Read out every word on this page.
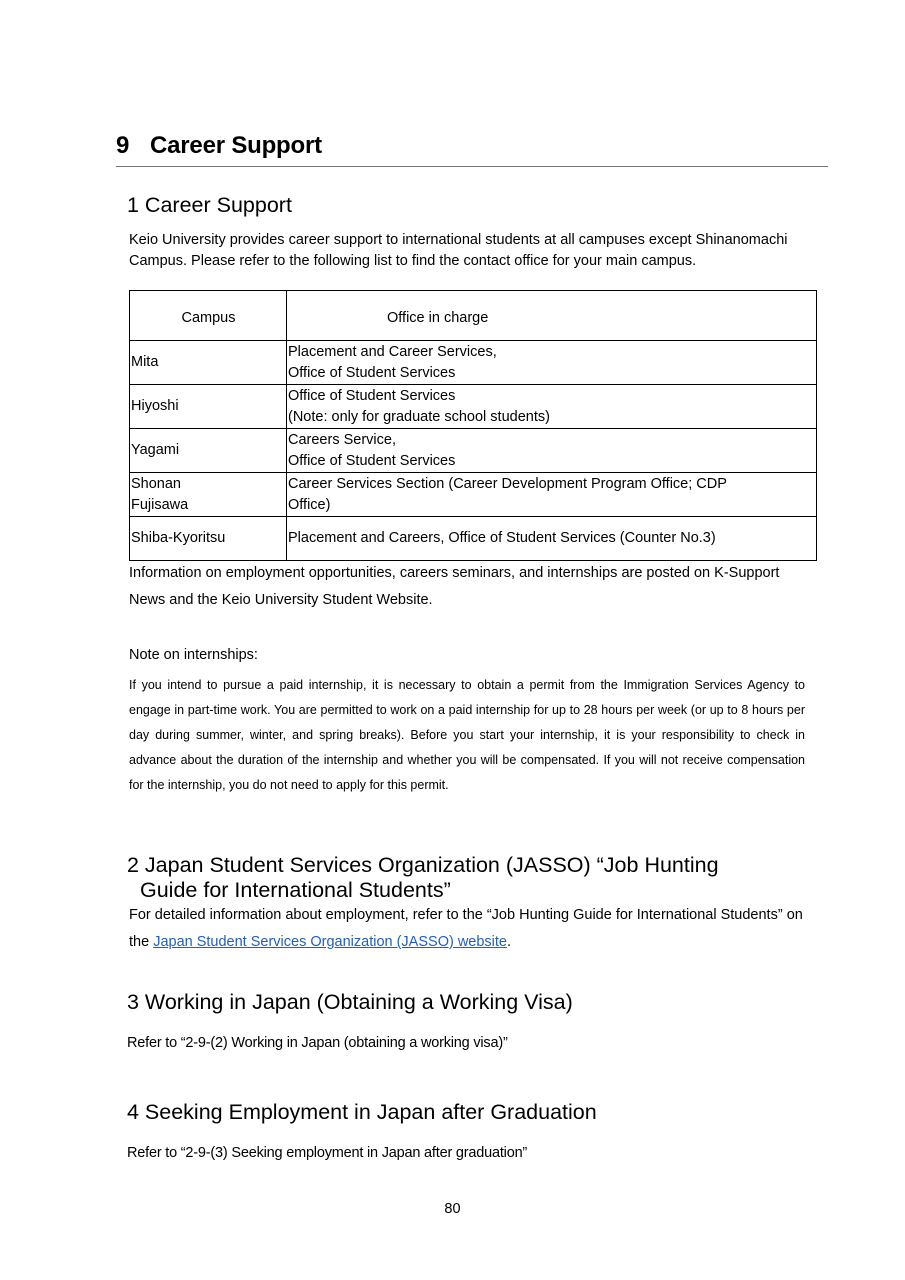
9 Career Support
1 Career Support
Keio University provides career support to international students at all campuses except Shinanomachi Campus. Please refer to the following list to find the contact office for your main campus.
Campus	Office in charge
Mita	Placement and Career Services,
Office of Student Services
Hiyoshi	Office of Student Services
(Note: only for graduate school students)
Yagami	Careers Service,
Office of Student Services
Shonan
Fujisawa	Career Services Section (Career Development Program Office; CDP
Office)
Shiba-Kyoritsu	Placement and Careers, Office of Student Services (Counter No.3)
Information on employment opportunities, careers seminars, and internships are posted on K-Support News and the Keio University Student Website.
Note on internships:
If you intend to pursue a paid internship, it is necessary to obtain a permit from the Immigration Services Agency to engage in part-time work. You are permitted to work on a paid internship for up to 28 hours per week (or up to 8 hours per day during summer, winter, and spring breaks). Before you start your internship, it is your responsibility to check in advance about the duration of the internship and whether you will be compensated. If you will not receive compensation for the internship, you do not need to apply for this permit.
2 Japan Student Services Organization (JASSO) “Job Hunting
Guide for International Students”
For detailed information about employment, refer to the “Job Hunting Guide for International Students” on the Japan Student Services Organization (JASSO) website.
3 Working in Japan (Obtaining a Working Visa)
Refer to “2-9-(2) Working in Japan (obtaining a working visa)”
4 Seeking Employment in Japan after Graduation
Refer to “2-9-(3) Seeking employment in Japan after graduation”
80
